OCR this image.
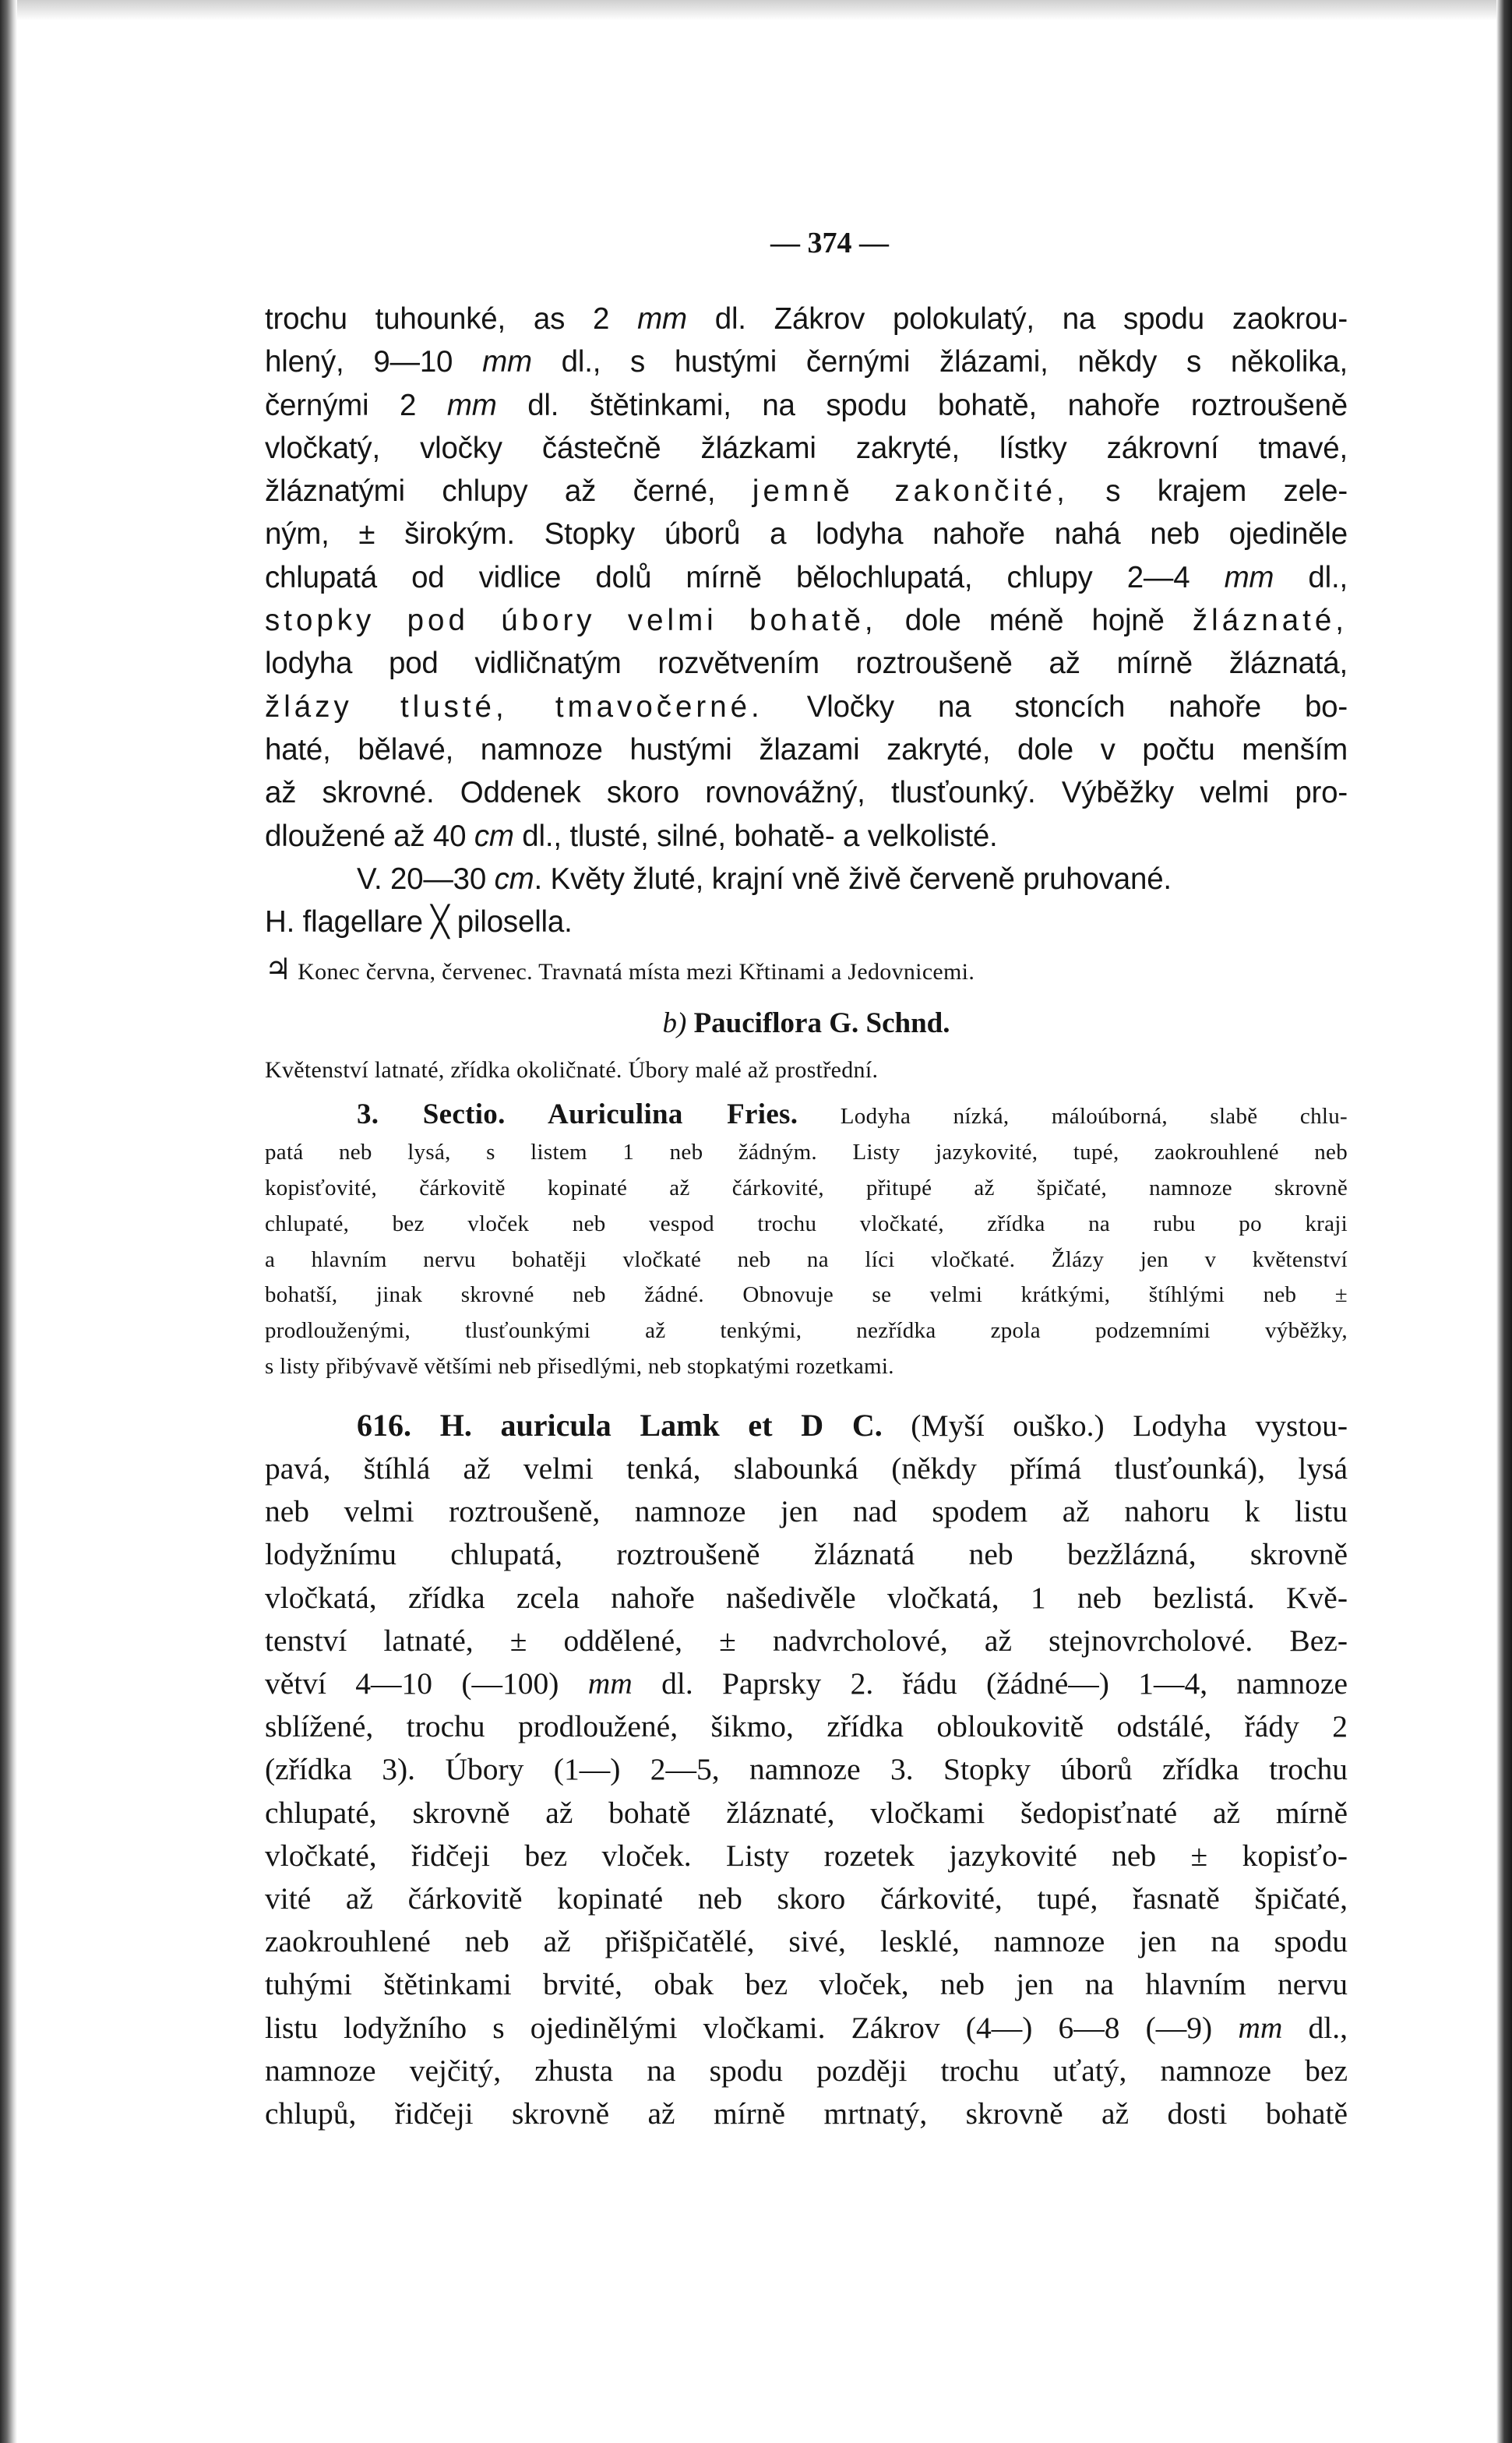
— 374 —
trochu tuhounké, as 2 mm dl. Zákrov polokulatý, na spodu zaokrou-
hlený, 9—10 mm dl., s hustými černými žlázami, někdy s několika,
černými 2 mm dl. štětinkami, na spodu bohatě, nahoře roztroušeně
vločkatý, vločky částečně žlázkami zakryté, lístky zákrovní tmavé,
žláznatými chlupy až černé, jemně zakončité, s krajem zele-
ným, ± širokým. Stopky úborů a lodyha nahoře nahá neb ojediněle
chlupatá od vidlice dolů mírně bělochlupatá, chlupy 2—4 mm dl.,
stopky pod úbory velmi bohatě, dole méně hojně žláznaté,
lodyha pod vidličnatým rozvětvením roztroušeně až mírně žláznatá,
žlázy tlusté, tmavočerné. Vločky na stoncích nahoře bo-
haté, bělavé, namnoze hustými žlazami zakryté, dole v počtu menším
až skrovné. Oddenek skoro rovnovážný, tlusťounký. Výběžky velmi pro-
dloužené až 40 cm dl., tlusté, silné, bohatě- a velkolisté.
V. 20—30 cm. Květy žluté, krajní vně živě červeně pruhované.
H. flagellare ╳ pilosella.
♃ Konec června, červenec. Travnatá místa mezi Křtinami a Jedovnicemi.
b) Pauciflora G. Schnd.
Květenství latnaté, zřídka okoličnaté. Úbory malé až prostřední.
3. Sectio. Auriculina Fries. Lodyha nízká, málоúborná, slabě chlu-
patá neb lysá, s listem 1 neb žádným. Listy jazykovité, tupé, zaokrouhlené neb
kopisťovité, čárkovitě kopinaté až čárkovité, přitupé až špičaté, namnoze skrovně
chlupaté, bez vloček neb vespod trochu vločkaté, zřídka na rubu po kraji
a hlavním nervu bohatěji vločkaté neb na líci vločkaté. Žlázy jen v květenství
bohatší, jinak skrovné neb žádné. Obnovuje se velmi krátkými, štíhlými neb ±
prodlouženými, tlusťounkými až tenkými, nezřídka zpola podzemními výběžky,
s listy přibývavě většími neb přisedlými, neb stopkatými rozetkami.
616. H. auricula Lamk et D C. (Myší ouško.) Lodyha vystou-
pavá, štíhlá až velmi tenká, slabounká (někdy přímá tlusťounká), lysá
neb velmi roztroušeně, namnoze jen nad spodem až nahoru k listu
lodyžnímu chlupatá, roztroušeně žláznatá neb bezžlázná, skrovně
vločkatá, zřídka zcela nahoře našedivěle vločkatá, 1 neb bezlistá. Kvě-
tenství latnaté, ± oddělené, ± nadvrcholové, až stejnovrcholové. Bez-
větví 4—10 (—100) mm dl. Paprsky 2. řádu (žádné—) 1—4, namnoze
sblížené, trochu prodloužené, šikmo, zřídka obloukovitě odstálé, řády 2
(zřídka 3). Úbory (1—) 2—5, namnoze 3. Stopky úborů zřídka trochu
chlupaté, skrovně až bohatě žláznaté, vločkami šedopisťnaté až mírně
vločkaté, řidčeji bez vloček. Listy rozetek jazykovité neb ± kopisťo-
vité až čárkovitě kopinaté neb skoro čárkovité, tupé, řasnatě špičaté,
zaokrouhlené neb až přišpičatělé, sivé, lesklé, namnoze jen na spodu
tuhými štětinkami brvité, obak bez vloček, neb jen na hlavním nervu
listu lodyžního s ojedinělými vločkami. Zákrov (4—) 6—8 (—9) mm dl.,
namnoze vejčitý, zhusta na spodu později trochu uťatý, namnoze bez
chlupů, řidčeji skrovně až mírně mrtnatý, skrovně až dosti bohatě
